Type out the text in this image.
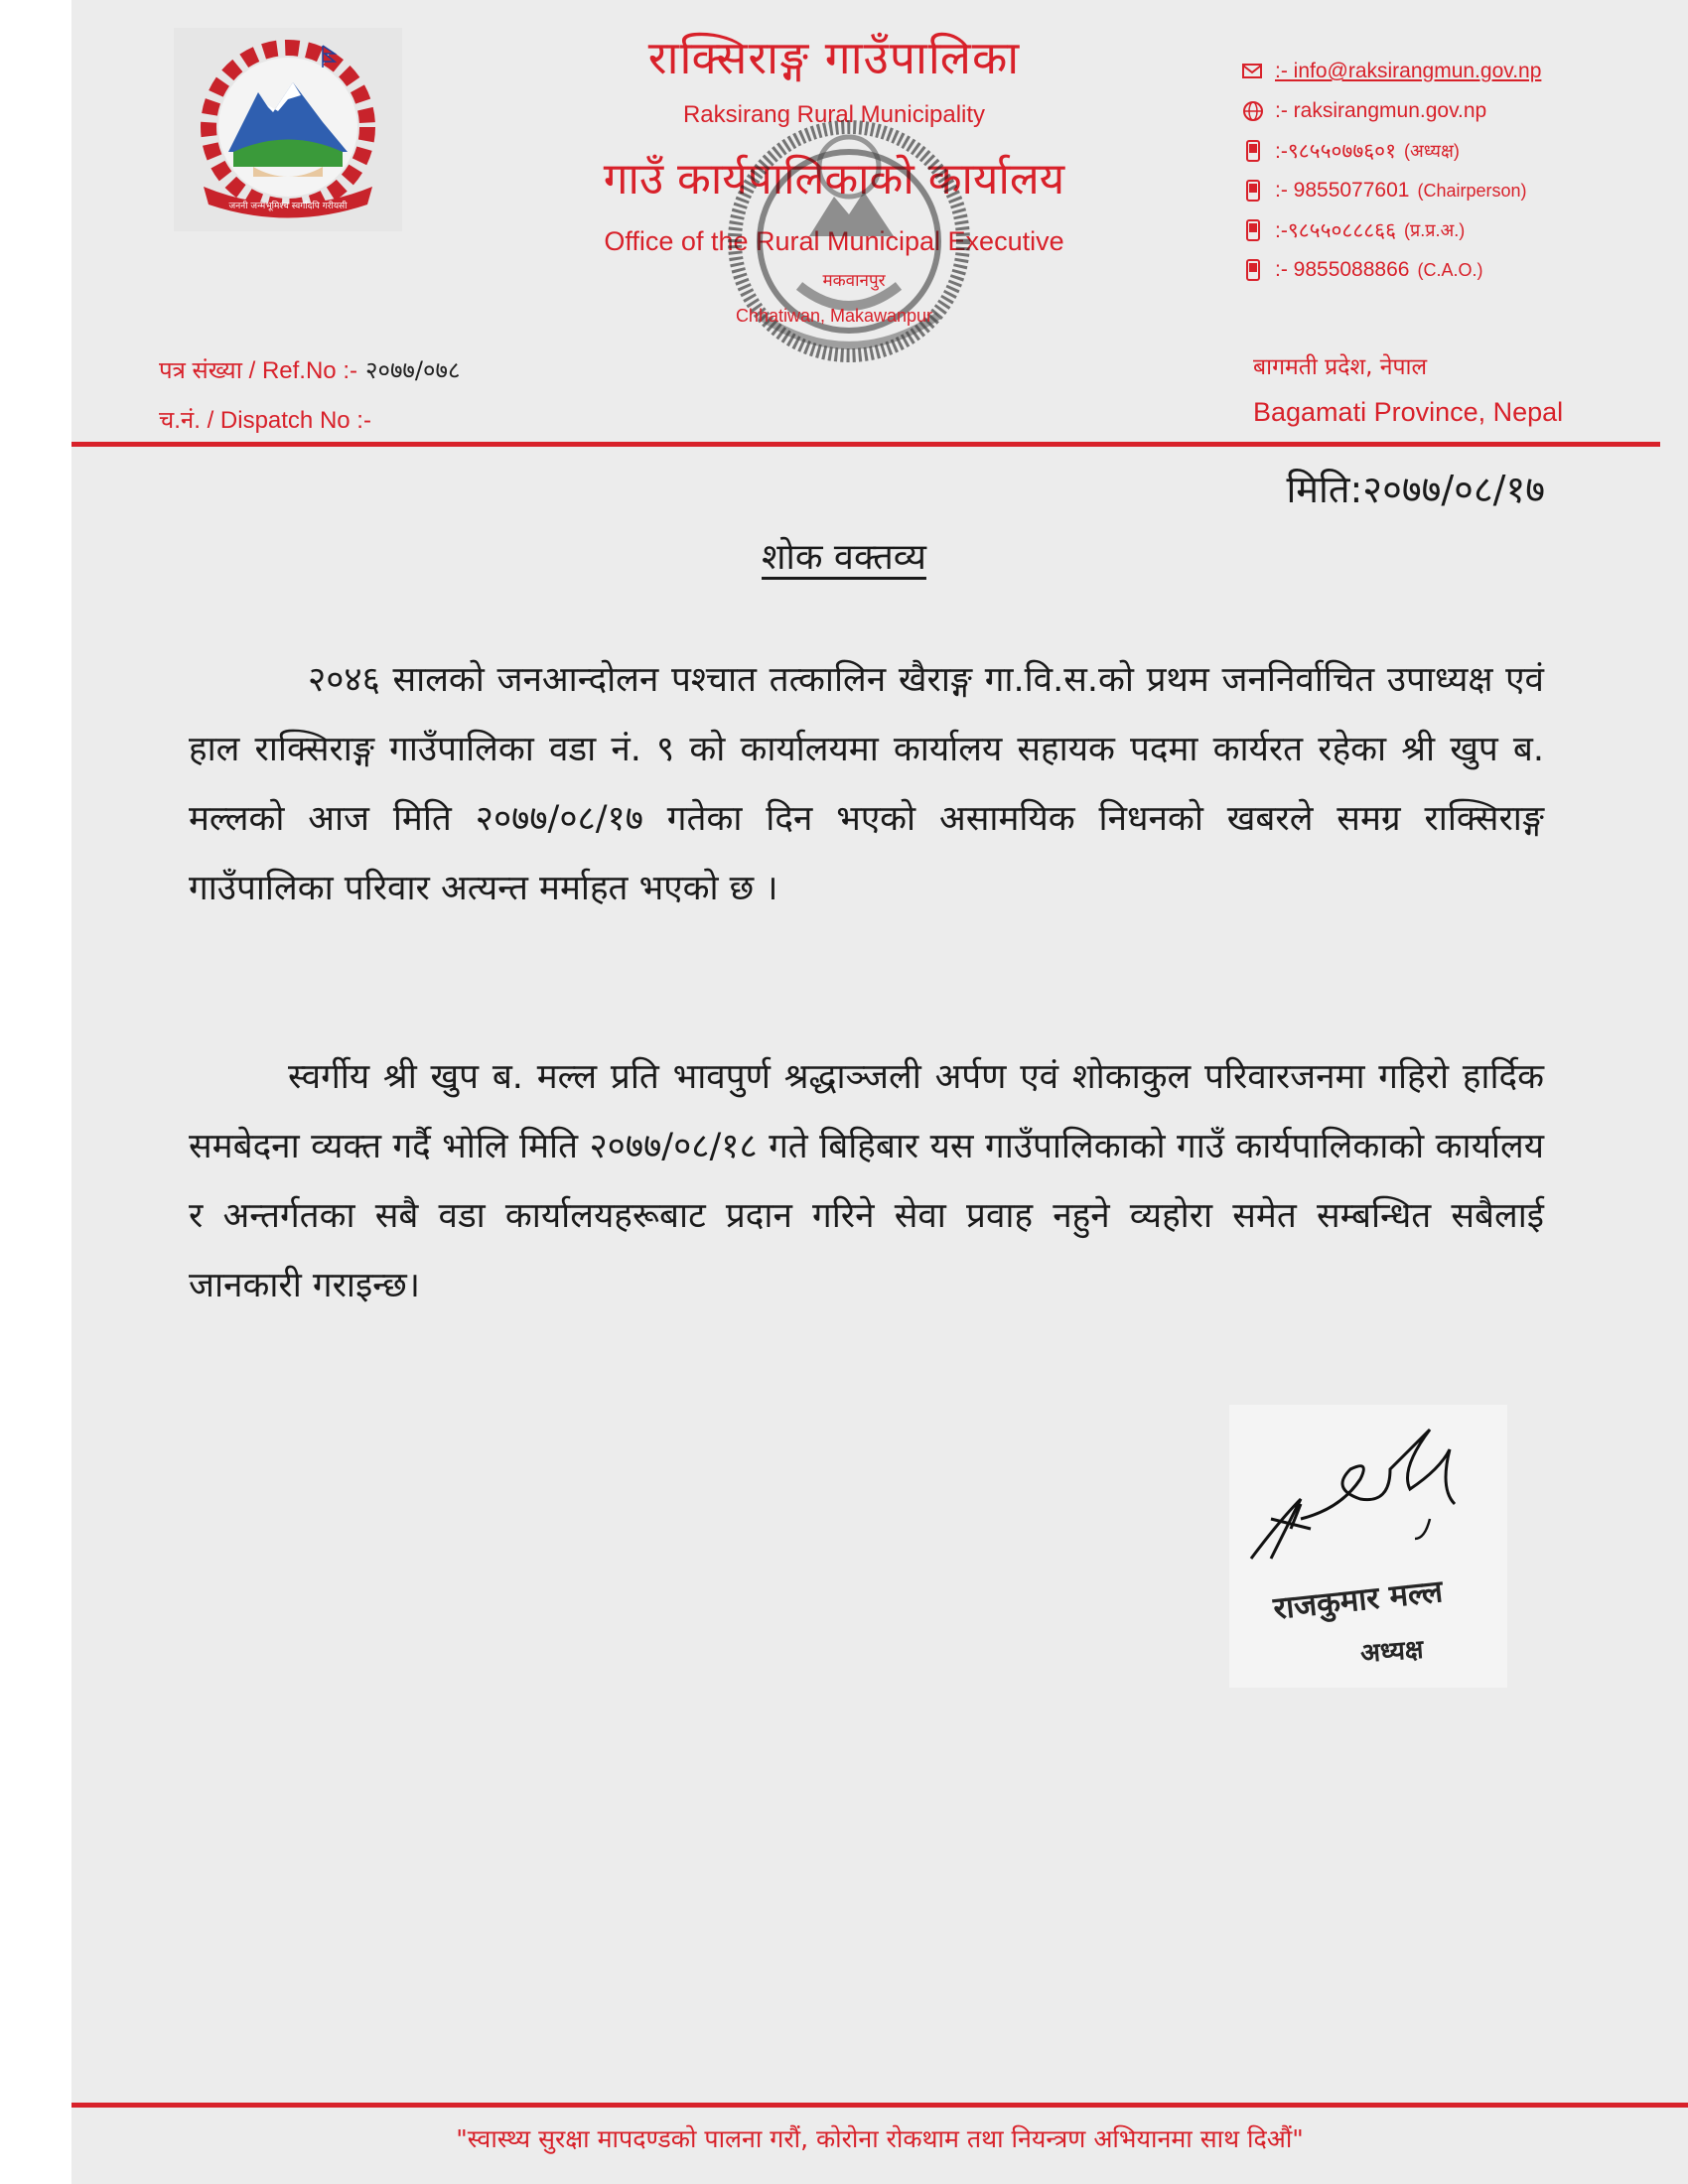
जननी जन्मभूमिश्च स्वर्गादपि गरीयसी
राक्सिराङ्ग गाउँपालिका
Raksirang Rural Municipality
गाउँ कार्यपालिकाको कार्यालय
Office of the Rural Municipal Executive
मकवानपुर
Chhatiwan, Makawanpur
:- info@raksirangmun.gov.np
:- raksirangmun.gov.np
:-९८५५०७७६०१ (अध्यक्ष)
:- 9855077601 (Chairperson)
:-९८५५०८८८६६ (प्र.प्र.अ.)
:- 9855088866 (C.A.O.)
पत्र संख्या / Ref.No :- २०७७/०७८
च.नं. / Dispatch No :-
बागमती प्रदेश, नेपाल
Bagamati Province, Nepal
मिति:२०७७/०८/१७
शोक वक्तव्य

२०४६ सालको जनआन्दोलन पश्चात तत्कालिन खैराङ्ग गा.वि.स.को प्रथम जननिर्वाचित उपाध्यक्ष एवं हाल राक्सिराङ्ग गाउँपालिका वडा नं. ९ को कार्यालयमा कार्यालय सहायक पदमा कार्यरत रहेका श्री खुप ब. मल्लको आज मिति २०७७/०८/१७ गतेका दिन भएको असामयिक निधनको खबरले समग्र राक्सिराङ्ग गाउँपालिका परिवार अत्यन्त मर्माहत भएको छ ।

स्वर्गीय श्री खुप ब. मल्ल प्रति भावपुर्ण श्रद्धाञ्जली अर्पण एवं शोकाकुल परिवारजनमा गहिरो हार्दिक समबेदना व्यक्त गर्दै भोलि मिति २०७७/०८/१८ गते बिहिबार यस गाउँपालिकाको गाउँ कार्यपालिकाको कार्यालय र अन्तर्गतका सबै वडा कार्यालयहरूबाट प्रदान गरिने सेवा प्रवाह नहुने व्यहोरा समेत सम्बन्धित सबैलाई जानकारी गराइन्छ।

राजकुमार मल्ल
अध्यक्ष
"स्वास्थ्य सुरक्षा मापदण्डको पालना गरौं, कोरोना रोकथाम तथा नियन्त्रण अभियानमा साथ दिऔं"
